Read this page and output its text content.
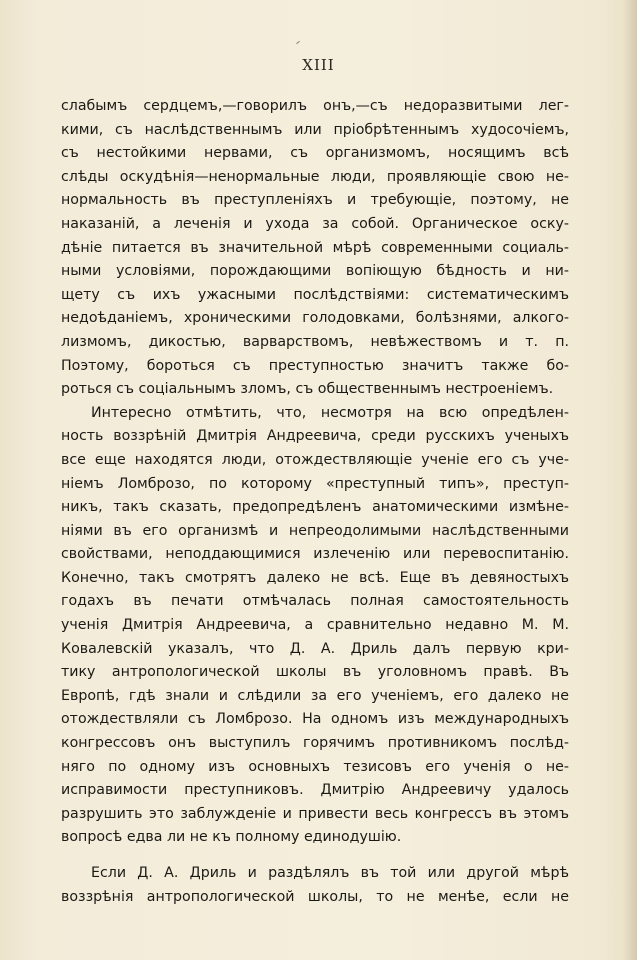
XIII
слабымъ сердцемъ,—говорилъ онъ,—съ недоразвитыми лег-
кими, съ наслѣдственнымъ или пріобрѣтеннымъ худосочіемъ,
съ нестойкими нервами, съ организмомъ, носящимъ всѣ
слѣды оскудѣнія—ненормальные люди, проявляющіе свою не-
нормальность въ преступленіяхъ и требующіе, поэтому, не
наказаній, а леченія и ухода за собой. Органическое оску-
дѣніе питается въ значительной мѣрѣ современными социаль-
ными условіями, порождающими вопіющую бѣдность и ни-
щету съ ихъ ужасными послѣдствіями: систематическимъ
недоѣданіемъ, хроническими голодовками, болѣзнями, алкого-
лизмомъ, дикостью, варварствомъ, невѣжествомъ и т. п.
Поэтому, бороться съ преступностью значитъ также бо-
роться съ соціальнымъ зломъ, съ общественнымъ нестроеніемъ.
Интересно отмѣтить, что, несмотря на всю опредѣлен-
ность воззрѣній Дмитрія Андреевича, среди русскихъ ученыхъ
все еще находятся люди, отождествляющіе ученіе его съ уче-
ніемъ Ломброзо, по которому «преступный типъ», преступ-
никъ, такъ сказать, предопредѣленъ анатомическими измѣне-
ніями въ его организмѣ и непреодолимыми наслѣдственными
свойствами, неподдающимися излеченію или перевоспитанію.
Конечно, такъ смотрятъ далеко не всѣ. Еще въ девяностыхъ
годахъ въ печати отмѣчалась полная самостоятельность
ученія Дмитрія Андреевича, а сравнительно недавно М. М.
Ковалевскій указалъ, что Д. А. Дриль далъ первую кри-
тику антропологической школы въ уголовномъ правѣ. Въ
Европѣ, гдѣ знали и слѣдили за его ученіемъ, его далеко не
отождествляли съ Ломброзо. На одномъ изъ международныхъ
конгрессовъ онъ выступилъ горячимъ противникомъ послѣд-
няго по одному изъ основныхъ тезисовъ его ученія о не-
исправимости преступниковъ. Дмитрію Андреевичу удалось
разрушить это заблужденіе и привести весь конгрессъ въ этомъ
вопросѣ едва ли не къ полному единодушію.
Если Д. А. Дриль и раздѣлялъ въ той или другой мѣрѣ
воззрѣнія антропологической школы, то не менѣе, если не
